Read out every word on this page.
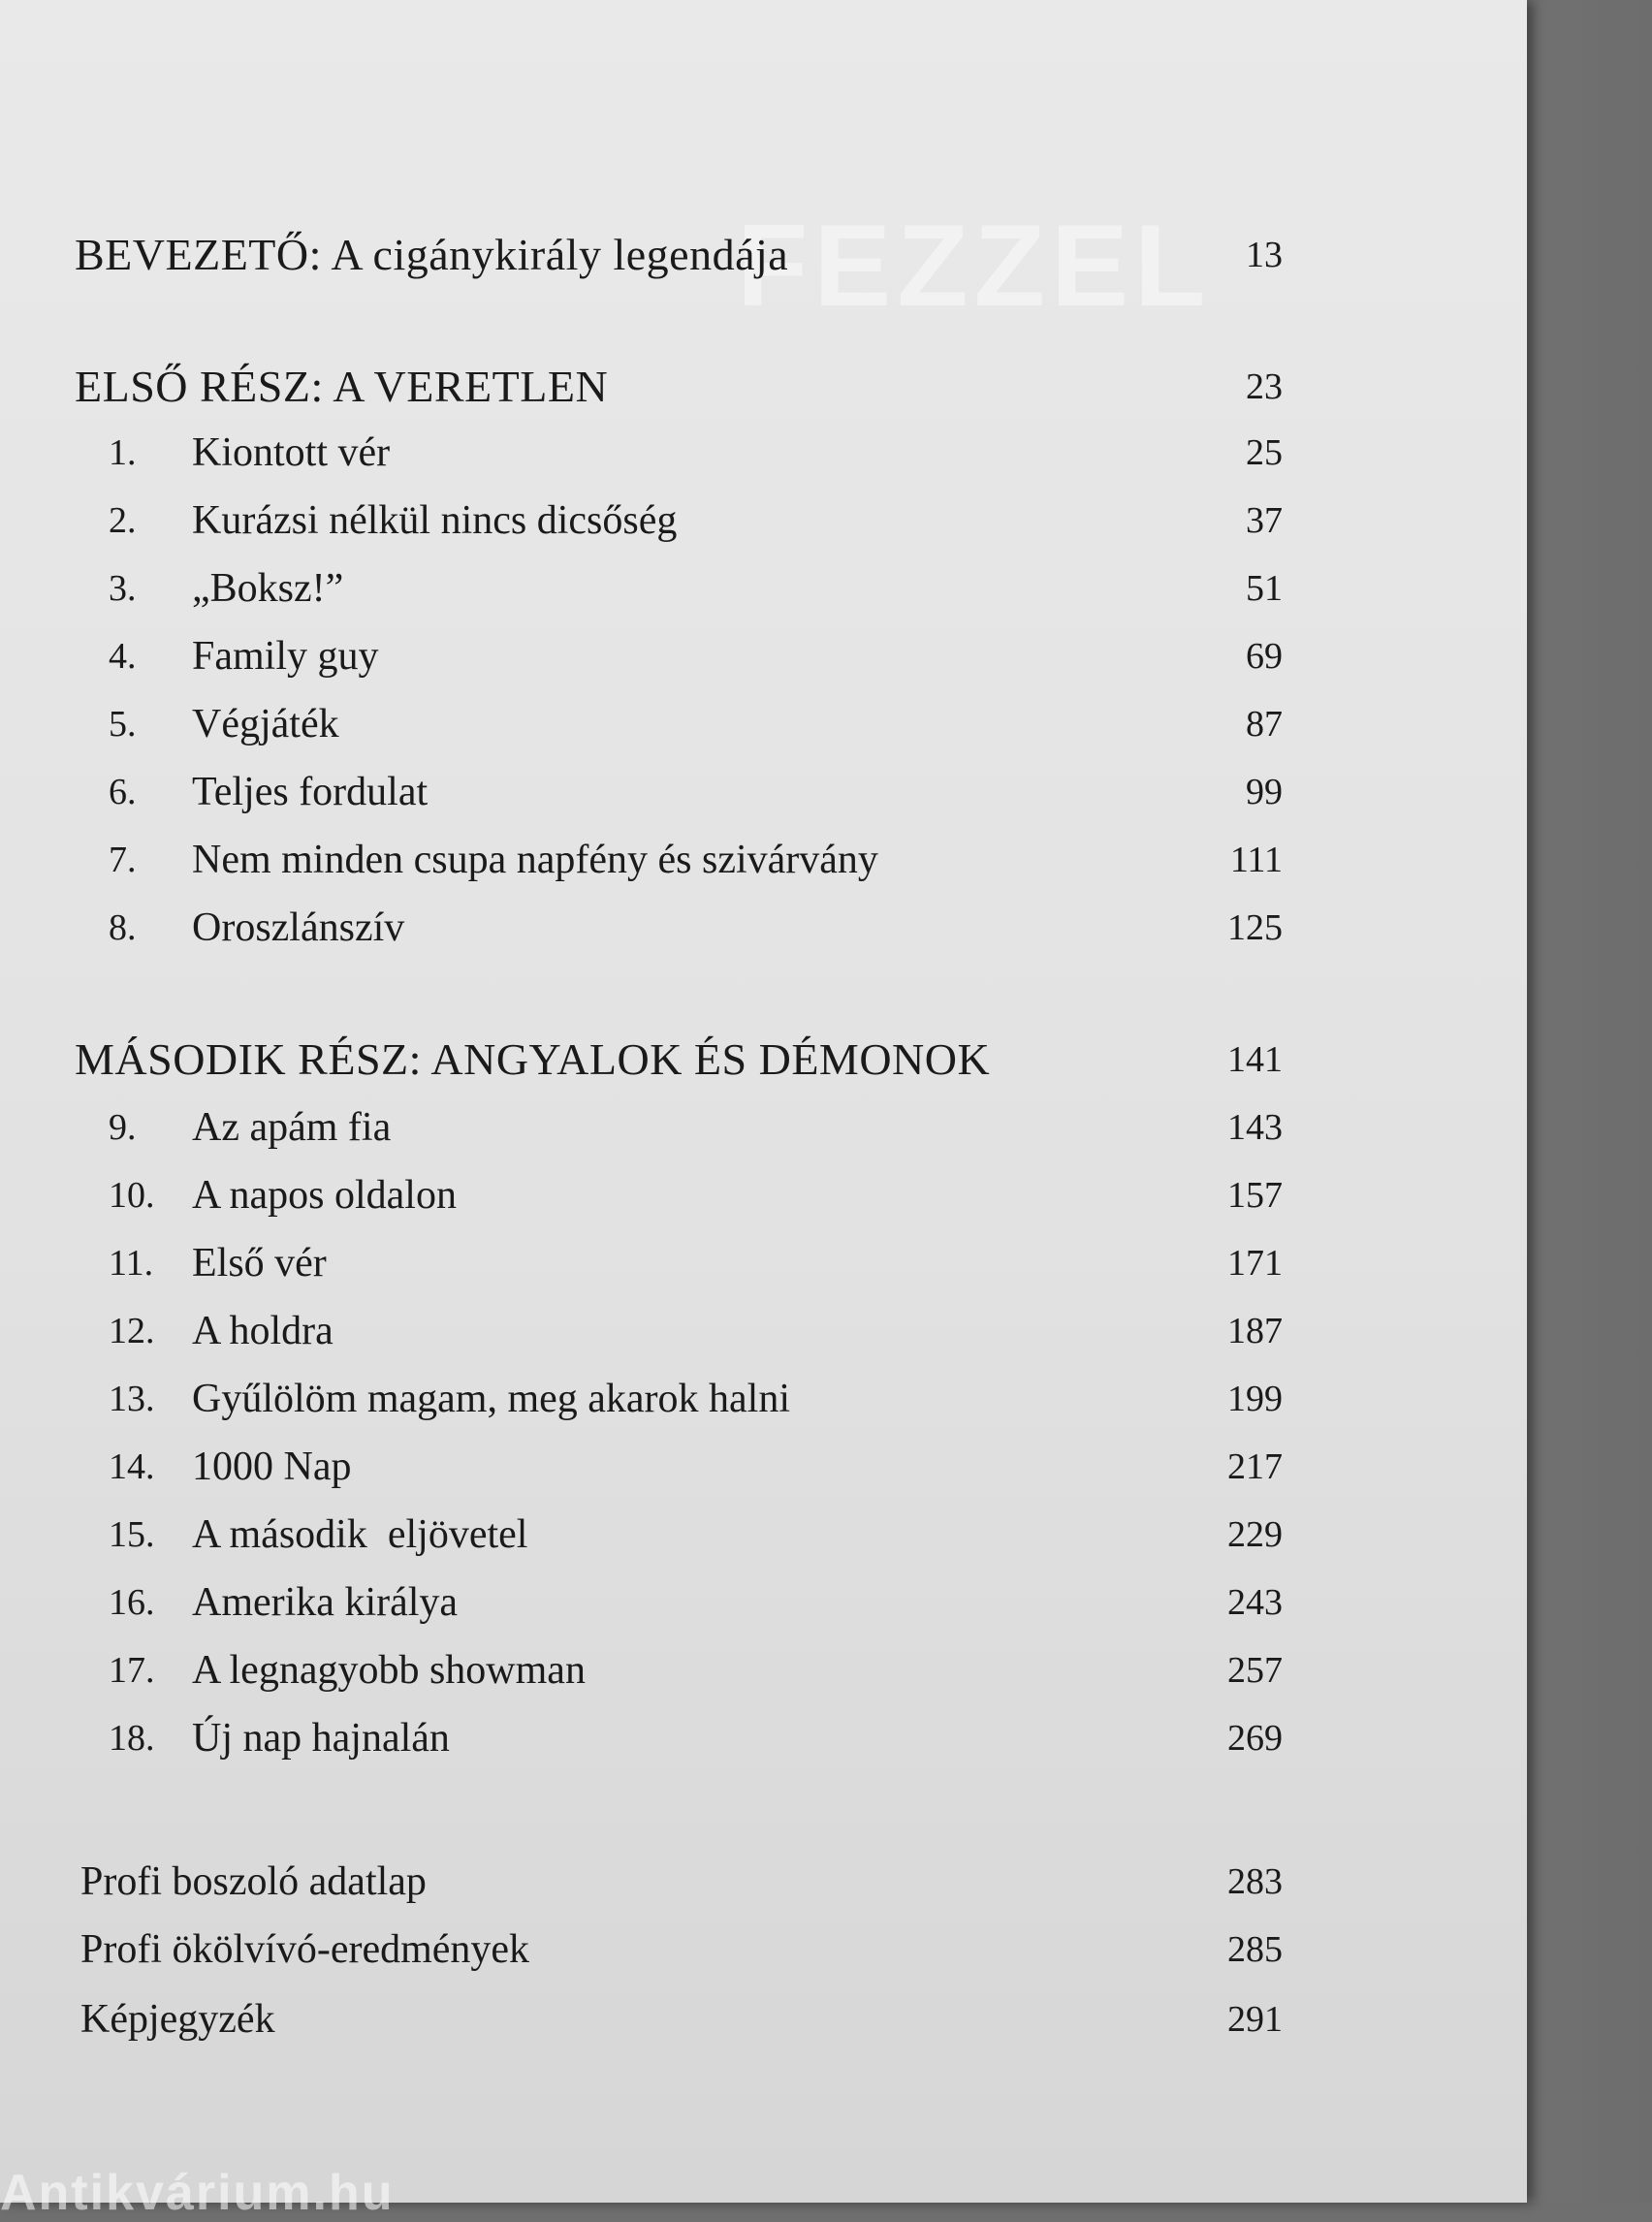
FEZZEL
BEVEZETŐ: A cigánykirály legendája	13
ELSŐ RÉSZ: A VERETLEN	23
1.	Kiontott vér	25
2.	Kurázsi nélkül nincs dicsőség	37
3.	„Boksz!”	51
4.	Family guy	69
5.	Végjáték	87
6.	Teljes fordulat	99
7.	Nem minden csupa napfény és szivárvány	111
8.	Oroszlánszív	125
MÁSODIK RÉSZ: ANGYALOK ÉS DÉMONOK	141
9.	Az apám fia	143
10. A napos oldalon	157
11. Első vér	171
12. A holdra	187
13. Gyűlölöm magam, meg akarok halni	199
14. 1000 Nap	217
15. A második  eljövetel	229
16. Amerika királya	243
17. A legnagyobb showman	257
18. Új nap hajnalán	269
Profi boszoló adatlap	283
Profi ökölvívó-eredmények	285
Képjegyzék	291
Antikvárium.hu
